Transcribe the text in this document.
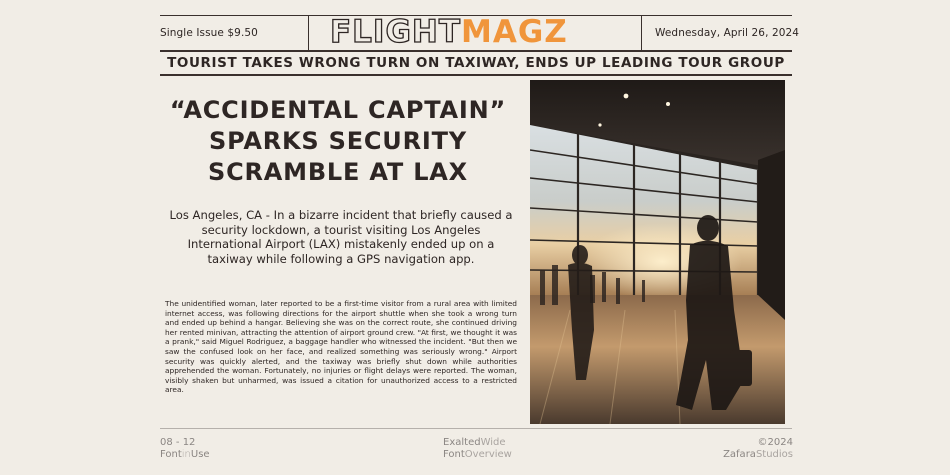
Single Issue $9.50 FLIGHTMAGZ	Wednesday, April 26, 2024
TOURIST TAKES WRONG TURN ON TAXIWAY, ENDS UP LEADING TOUR GROUP
“ACCIDENTAL CAPTAIN” SPARKS SECURITY SCRAMBLE AT LAX
Los Angeles, CA - In a bizarre incident that briefly caused a security lockdown, a tourist visiting Los Angeles International Airport (LAX) mistakenly ended up on a taxiway while following a GPS navigation app.
The unidentified woman, later reported to be a first-time visitor from a rural area with limited internet access, was following directions for the airport shuttle when she took a wrong turn and ended up behind a hangar. Believing she was on the correct route, she continued driving her rented minivan, attracting the attention of airport ground crew. "At first, we thought it was a prank," said Miguel Rodriguez, a baggage handler who witnessed the incident. "But then we saw the confused look on her face, and realized something was seriously wrong." Airport security was quickly alerted, and the taxiway was briefly shut down while authorities apprehended the woman. Fortunately, no injuries or flight delays were reported. The woman, visibly shaken but unharmed, was issued a citation for unauthorized access to a restricted area.
08 - 12
FontinUse
ExaltedWide
FontOverview
©2024
ZafaraStudios
